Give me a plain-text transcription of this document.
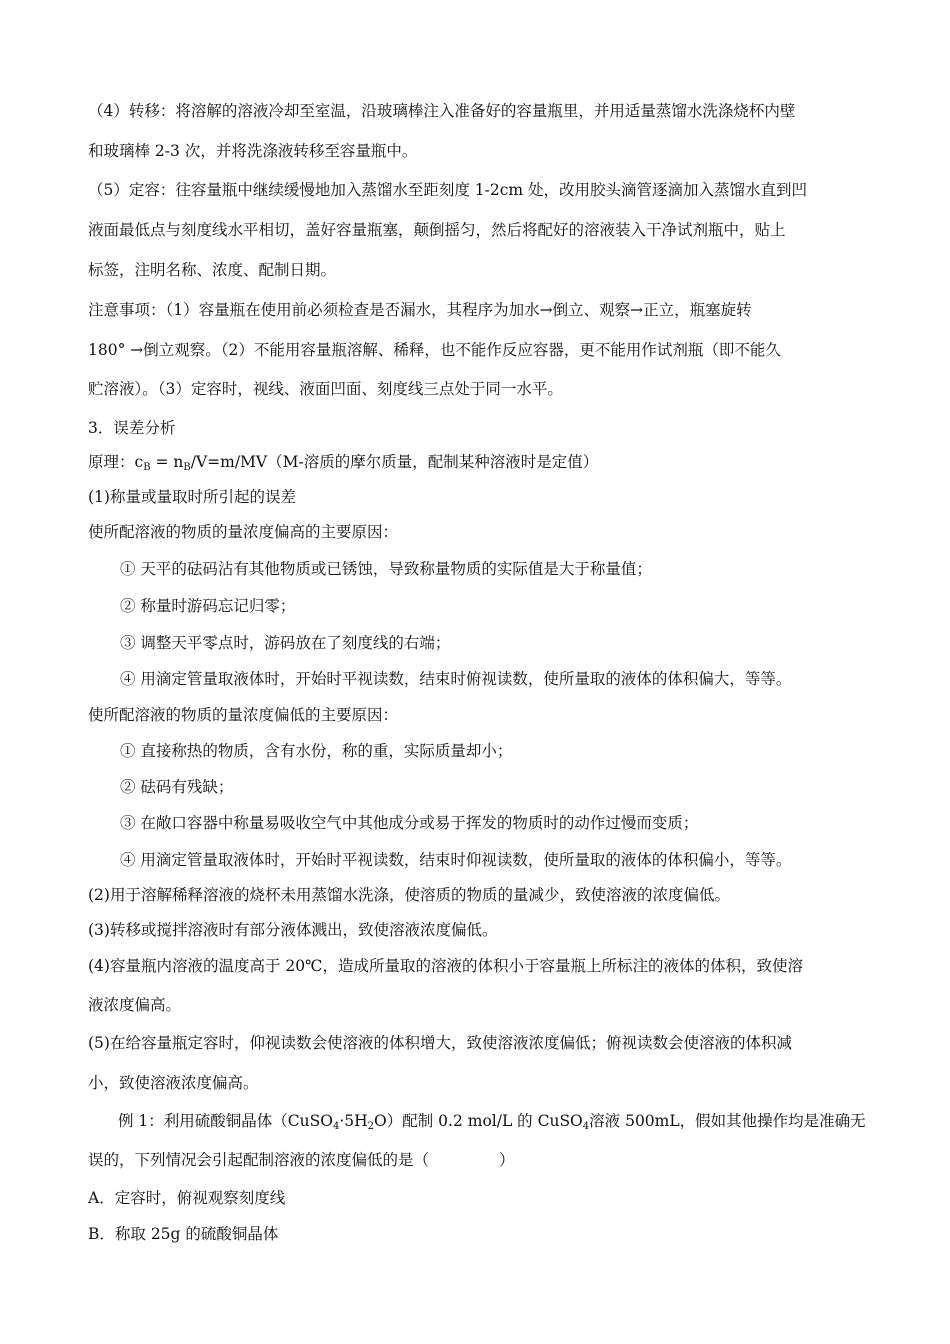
（4）转移：将溶解的溶液冷却至室温，沿玻璃棒注入准备好的容量瓶里，并用适量蒸馏水洗涤烧杯内壁
和玻璃棒 2-3 次，并将洗涤液转移至容量瓶中。
（5）定容：往容量瓶中继续缓慢地加入蒸馏水至距刻度 1-2cm 处，改用胶头滴管逐滴加入蒸馏水直到凹
液面最低点与刻度线水平相切，盖好容量瓶塞，颠倒摇匀，然后将配好的溶液装入干净试剂瓶中，贴上
标签，注明名称、浓度、配制日期。
注意事项：（1）容量瓶在使用前必须检查是否漏水，其程序为加水→倒立、观察→正立，瓶塞旋转
180° →倒立观察。（2）不能用容量瓶溶解、稀释，也不能作反应容器，更不能用作试剂瓶（即不能久
贮溶液）。（3）定容时，视线、液面凹面、刻度线三点处于同一水平。
3．误差分析
原理：$c_B = n_B/V=m/MV(M-$溶质的摩尔质量，配制某种溶液时是定值）
(1)称量或量取时所引起的误差
使所配溶液的物质的量浓度偏高的主要原因：
① 天平的砝码沾有其他物质或已锈蚀，导致称量物质的实际值是大于称量值；
② 称量时游码忘记归零；
③ 调整天平零点时，游码放在了刻度线的右端；
④ 用滴定管量取液体时，开始时平视读数，结束时俯视读数，使所量取的液体的体积偏大，等等。
使所配溶液的物质的量浓度偏低的主要原因：
① 直接称热的物质，含有水份，称的重，实际质量却小；
② 砝码有残缺；
③ 在敞口容器中称量易吸收空气中其他成分或易于挥发的物质时的动作过慢而变质；
④ 用滴定管量取液体时，开始时平视读数，结束时仰视读数，使所量取的液体的体积偏小，等等。
(2)用于溶解稀释溶液的烧杯未用蒸馏水洗涤，使溶质的物质的量减少，致使溶液的浓度偏低。
(3)转移或搅拌溶液时有部分液体溅出，致使溶液浓度偏低。
(4)容量瓶内溶液的温度高于 20℃，造成所量取的溶液的体积小于容量瓶上所标注的液体的体积，致使溶
液浓度偏高。
(5)在给容量瓶定容时，仰视读数会使溶液的体积增大，致使溶液浓度偏低；俯视读数会使溶液的体积减
小，致使溶液浓度偏高。
例 1：利用硫酸铜晶体$(CuSO_4\cdot 5H_2O)$配制 0.2 mol/L 的 CuSO$_4$溶液 500mL，假如其他操作均是准确无
误的，下列情况会引起配制溶液的浓度偏低的是（	）
A．定容时，俯视观察刻度线
B．称取 25g 的硫酸铜晶体
